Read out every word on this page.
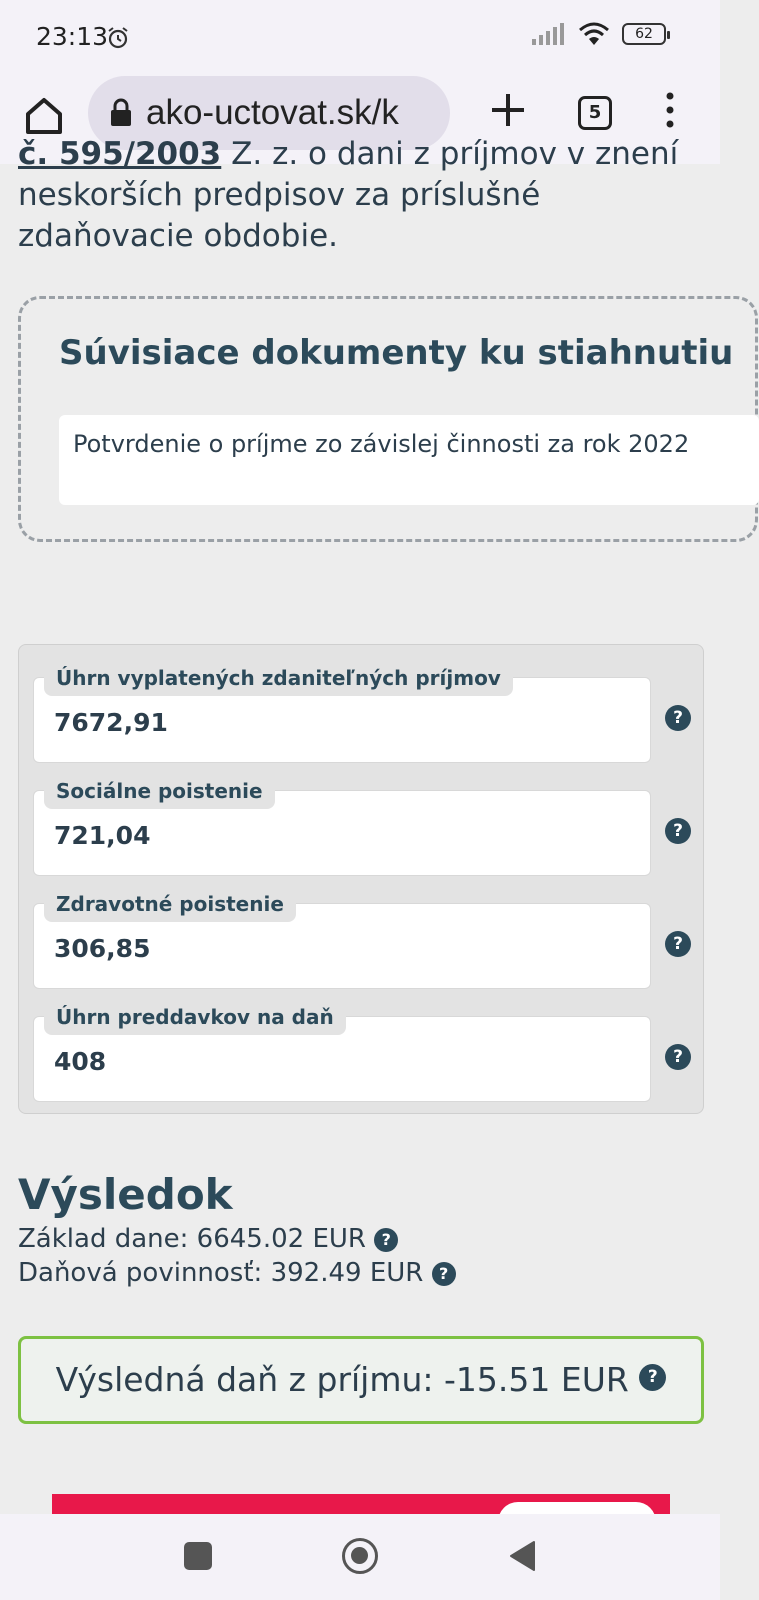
23:13	62
ako-uctovat.sk/k	5

č. 595/2003 Z. z. o dani z príjmov v znení
neskorších predpisov za príslušné zdaňovacie obdobie.

Súvisiace dokumenty ku stiahnutiu
Potvrdenie o príjme zo závislej činnosti za rok 2022
Úhrn vyplatených zdaniteľných príjmov
7672,91	?
Sociálne poistenie
721,04	?
Zdravotné poistenie
306,85	?
Úhrn preddavkov na daň
408	?
Výsledok
Základ dane: 6645.02 EUR ?
Daňová povinnosť: 392.49 EUR ?
Výsledná daň z príjmu: -15.51 EUR ?
